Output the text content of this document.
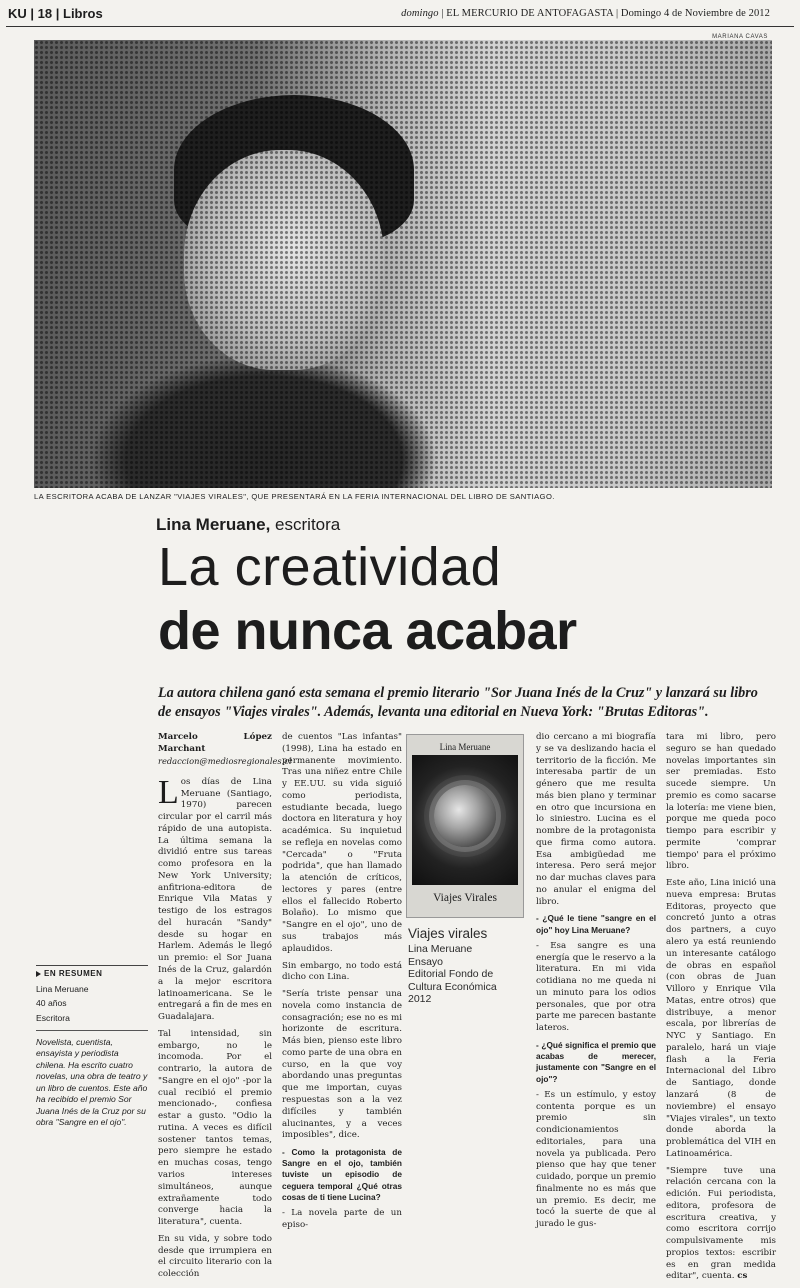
KU | 18 | Libros	domingo | EL MERCURIO DE ANTOFAGASTA | Domingo 4 de Noviembre de 2012
MARIANA CAVAS
LA ESCRITORA ACABA DE LANZAR "VIAJES VIRALES", QUE PRESENTARÁ EN LA FERIA INTERNACIONAL DEL LIBRO DE SANTIAGO.
Lina Meruane, escritora
La creatividad
de nunca acabar
La autora chilena ganó esta semana el premio literario "Sor Juana Inés de la Cruz" y lanzará su libro de ensayos "Viajes virales". Además, levanta una editorial en Nueva York: "Brutas Editoras".
Marcelo López Marchant
redaccion@mediosregionales.cl

Los días de Lina Meruane (Santiago, 1970) parecen circular por el carril más rápido de una autopista. La última semana la dividió entre sus tareas como profesora en la New York University; anfitriona-editora de Enrique Vila Matas y testigo de los estragos del huracán "Sandy" desde su hogar en Harlem. Además le llegó un premio: el Sor Juana Inés de la Cruz, galardón a la mejor escritora latinoamericana. Se le entregará a fin de mes en Guadalajara.

Tal intensidad, sin embargo, no le incomoda. Por el contrario, la autora de "Sangre en el ojo" -por la cual recibió el premio mencionado-, confiesa estar a gusto. "Odio la rutina. A veces es difícil sostener tantos temas, pero siempre he estado en muchas cosas, tengo varios intereses simultáneos, aunque extrañamente todo converge hacia la literatura", cuenta.

En su vida, y sobre todo desde que irrumpiera en el circuito literario con la colección

de cuentos "Las infantas" (1998), Lina ha estado en permanente movimiento. Tras una niñez entre Chile y EE.UU. su vida siguió como periodista, estudiante becada, luego doctora en literatura y hoy académica. Su inquietud se refleja en novelas como "Cercada" o "Fruta podrida", que han llamado la atención de críticos, lectores y pares (entre ellos el fallecido Roberto Bolaño). Lo mismo que "Sangre en el ojo", uno de sus trabajos más aplaudidos.

Sin embargo, no todo está dicho con Lina.

"Sería triste pensar una novela como instancia de consagración; ese no es mi horizonte de escritura. Más bien, pienso este libro como parte de una obra en curso, en la que voy abordando unas preguntas que me importan, cuyas respuestas son a la vez difíciles y también alucinantes, y a veces imposibles", dice.

- Como la protagonista de Sangre en el ojo, también tuviste un episodio de ceguera temporal ¿Qué otras cosas de ti tiene Lucina?

- La novela parte de un episo-

Lina Meruane
Viajes Virales
Viajes virales
Lina Meruane
Ensayo
Editorial Fondo de Cultura Económica
2012

dio cercano a mi biografía y se va deslizando hacia el territorio de la ficción. Me interesaba partir de un género que me resulta más bien plano y terminar en otro que incursiona en lo siniestro. Lucina es el nombre de la protagonista que firma como autora. Esa ambigüedad me interesa. Pero será mejor no dar muchas claves para no anular el enigma del libro.

- ¿Qué le tiene "sangre en el ojo" hoy Lina Meruane?

- Esa sangre es una energía que le reservo a la literatura. En mi vida cotidiana no me queda ni un minuto para los odios personales, que por otra parte me parecen bastante lateros.

- ¿Qué significa el premio que acabas de merecer, justamente con "Sangre en el ojo"?

- Es un estímulo, y estoy contenta porque es un premio sin condicionamientos editoriales, para una novela ya publicada. Pero pienso que hay que tener cuidado, porque un premio finalmente no es más que un premio. Es decir, me tocó la suerte de que al jurado le gus-

tara mi libro, pero seguro se han quedado novelas importantes sin ser premiadas. Esto sucede siempre. Un premio es como sacarse la lotería: me viene bien, porque me queda poco tiempo para escribir y permite 'comprar tiempo' para el próximo libro.

Este año, Lina inició una nueva empresa: Brutas Editoras, proyecto que concretó junto a otras dos partners, a cuyo alero ya está reuniendo un interesante catálogo de obras en español (con obras de Juan Villoro y Enrique Vila Matas, entre otros) que distribuye, a menor escala, por librerías de NYC y Santiago. En paralelo, hará un viaje flash a la Feria Internacional del Libro de Santiago, donde lanzará (8 de noviembre) el ensayo "Viajes virales", un texto donde aborda la problemática del VIH en Latinoamérica.

"Siempre tuve una relación cercana con la edición. Fui periodista, editora, profesora de escritura creativa, y como escritora corrijo compulsivamente mis propios textos: escribir es en gran medida editar", cuenta. cs

EN RESUMEN
Lina Meruane
40 años
Escritora
Novelista, cuentista, ensayista y periodista chilena. Ha escrito cuatro novelas, una obra de teatro y un libro de cuentos. Este año ha recibido el premio Sor Juana Inés de la Cruz por su obra "Sangre en el ojo".
